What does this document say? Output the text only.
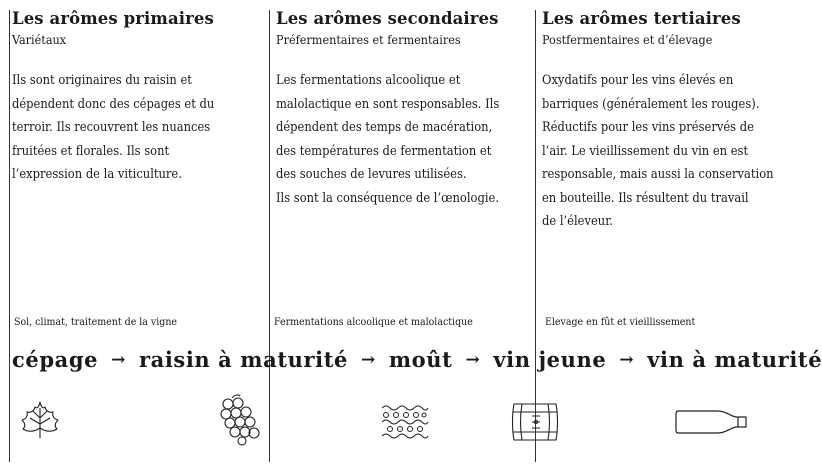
Les arômes primaires
Variétaux
Ils sont originaires du raisin et
dépendent donc des cépages et du
terroir. Ils recouvrent les nuances
fruitées et florales. Ils sont
l’expression de la viticulture.
Les arômes secondaires
Préfermentaires et fermentaires
Les fermentations alcoolique et
malolactique en sont responsables. Ils
dépendent des temps de macération,
des températures de fermentation et
des souches de levures utilisées.
Ils sont la conséquence de l’œnologie.
Les arômes tertiaires
Postfermentaires et d’élevage
Oxydatifs pour les vins élevés en
barriques (généralement les rouges).
Réductifs pour les vins préservés de
l’air. Le vieillissement du vin en est
responsable, mais aussi la conservation
en bouteille. Ils résultent du travail
de l’éleveur.
Sol, climat, traitement de la vigne	Fermentations alcoolique et malolactique	Elevage en fût et vieillissement
cépage → raisin à maturité → moût → vin jeune → vin à maturité
